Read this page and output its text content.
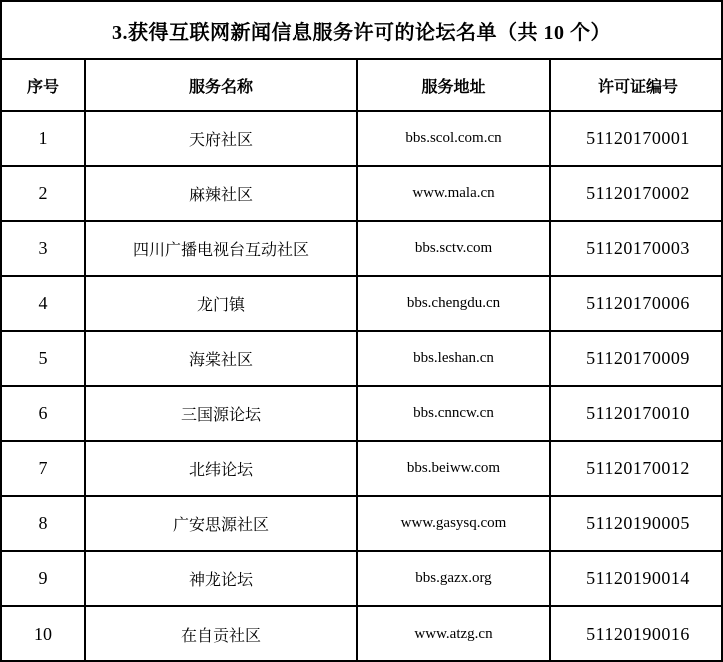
3.获得互联网新闻信息服务许可的论坛名单（共 10 个）
序号	服务名称	服务地址	许可证编号
1	天府社区	bbs.scol.com.cn	51120170001
2	麻辣社区	www.mala.cn	51120170002
3	四川广播电视台互动社区	bbs.sctv.com	51120170003
4	龙门镇	bbs.chengdu.cn	51120170006
5	海棠社区	bbs.leshan.cn	51120170009
6	三国源论坛	bbs.cnncw.cn	51120170010
7	北纬论坛	bbs.beiww.com	51120170012
8	广安思源社区	www.gasysq.com	51120190005
9	神龙论坛	bbs.gazx.org	51120190014
10	在自贡社区	www.atzg.cn	51120190016
